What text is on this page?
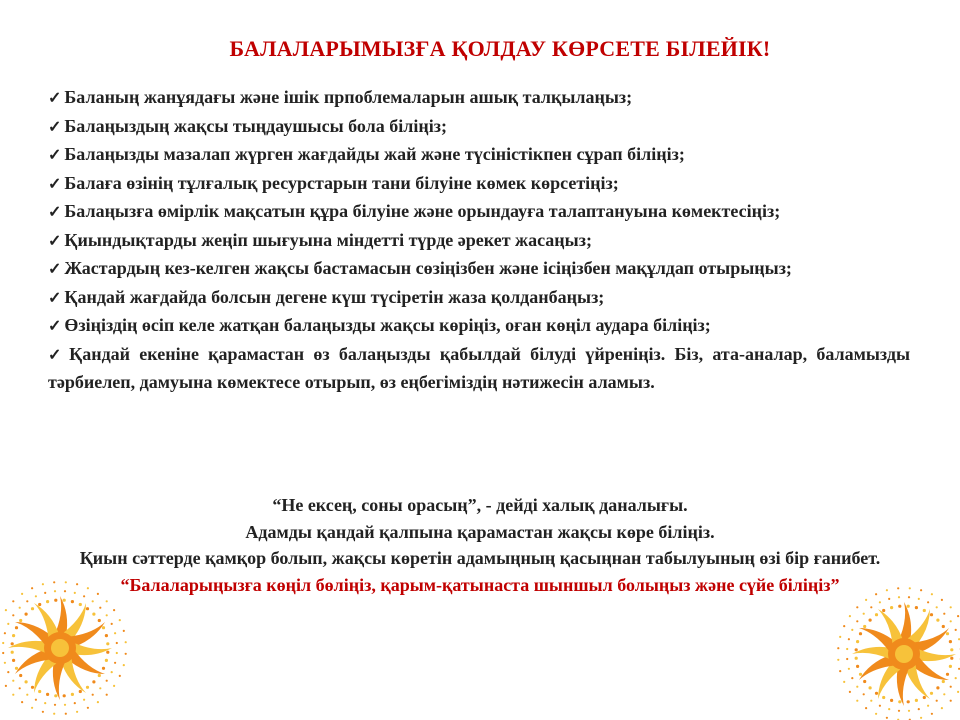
БАЛАЛАРЫМЫЗҒА ҚОЛДАУ КӨРСЕТЕ БІЛЕЙІК!
✓ Баланың жанұядағы және ішік прпоблемаларын ашық талқылаңыз;
✓ Балаңыздың жақсы тыңдаушысы бола біліңіз;
✓ Балаңызды мазалап жүрген жағдайды жай және түсіністікпен сұрап біліңіз;
✓ Балаға өзінің тұлғалық ресурстарын тани білуіне көмек көрсетіңіз;
✓ Балаңызға өмірлік мақсатын құра білуіне және орындауға талаптануына көмектесіңіз;
✓ Қиындықтарды жеңіп шығуына міндетті түрде әрекет жасаңыз;
✓ Жастардың кез-келген жақсы бастамасын сөзіңізбен және ісіңізбен мақұлдап отырыңыз;
✓ Қандай жағдайда болсын дегене күш түсіретін жаза қолданбаңыз;
✓ Өзіңіздің өсіп келе жатқан балаңызды жақсы көріңіз, оған көңіл аудара біліңіз;
✓ Қандай екеніне қарамастан өз балаңызды қабылдай білуді үйреніңіз. Біз, ата-аналар, баламызды тәрбиелеп, дамуына көмектесе отырып, өз еңбегіміздің нәтижесін аламыз.
“Не ексең, соны орасың”, - дейді халық даналығы.
Адамды қандай қалпына қарамастан жақсы көре біліңіз.
Қиын сәттерде қамқор болып, жақсы көретін адамыңның қасыңнан табылуының өзі бір ғанибет.
“Балаларыңызға көңіл бөліңіз, қарым-қатынаста шыншыл болыңыз және сүйе біліңіз”
